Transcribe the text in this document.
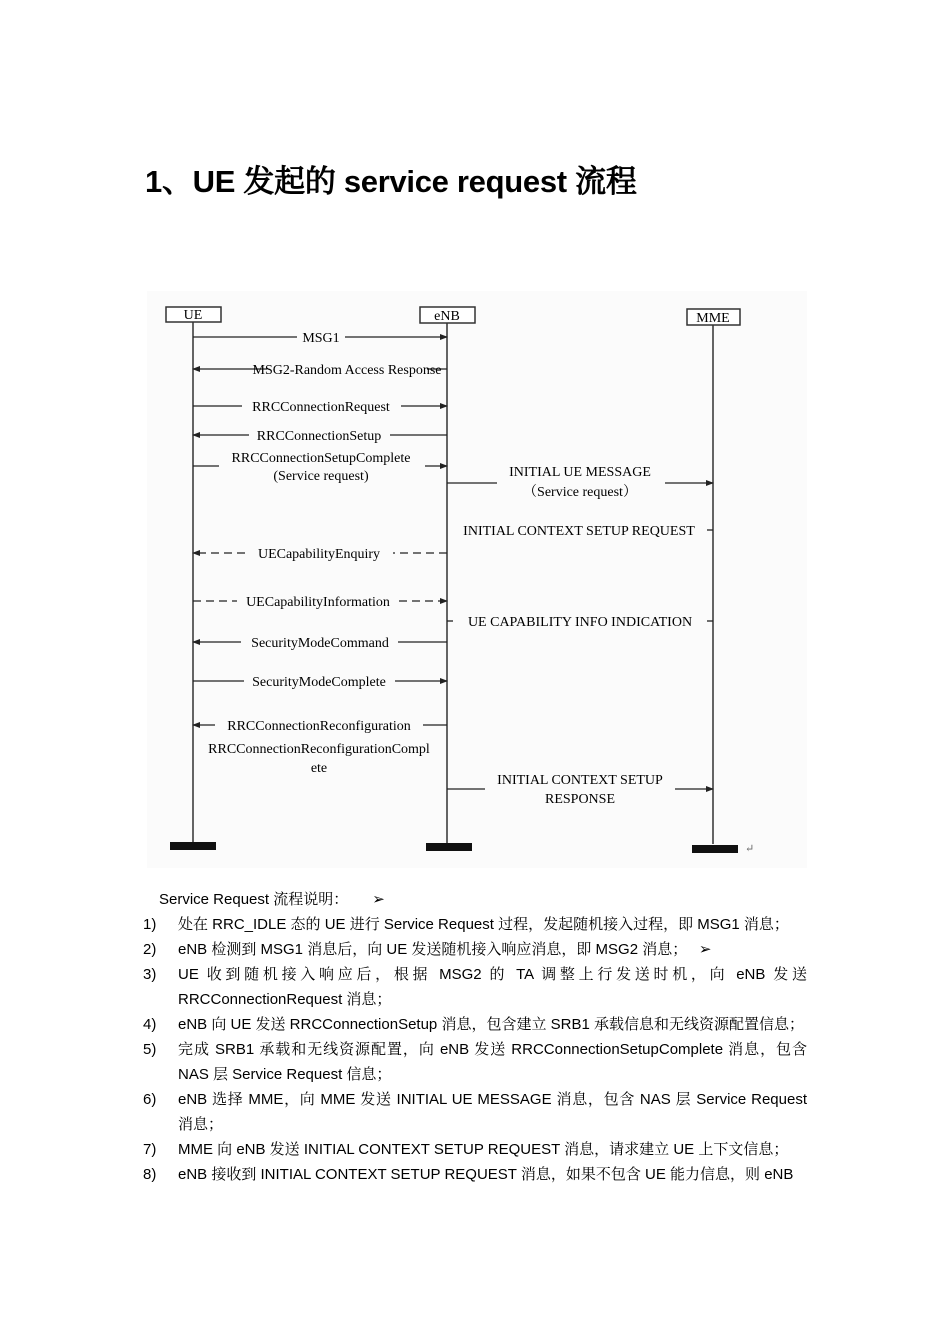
1、UE 发起的 service request 流程
UE	eNB	MME
↵
MSG1
MSG2-Random Access Response
RRCConnectionRequest
RRCConnectionSetup
RRCConnectionSetupComplete
(Service request)	INITIAL UE MESSAGE
（Service request）
INITIAL CONTEXT SETUP REQUEST
UECapabilityEnquiry
UECapabilityInformation
UE CAPABILITY INFO INDICATION
SecurityModeCommand
SecurityModeComplete
RRCConnectionReconfiguration
RRCConnectionReconfigurationCompl
ete
INITIAL CONTEXT SETUP
RESPONSE
Service Request 流程说明： ➢
1)	处在 RRC_IDLE 态的 UE 进行 Service Request 过程，发起随机接入过程，即 MSG1 消息；
2)	eNB 检测到 MSG1 消息后，向 UE 发送随机接入响应消息，即 MSG2 消息；　 ➢
3)	UE 收到随机接入响应后，根据 MSG2 的 TA 调整上行发送时机，向 eNB 发送 RRCConnectionRequest 消息；
4)	eNB 向 UE 发送 RRCConnectionSetup 消息，包含建立 SRB1 承载信息和无线资源配置信息；
5)	完成 SRB1 承载和无线资源配置，向 eNB 发送 RRCConnectionSetupComplete 消息，包含 NAS 层 Service Request 信息；
6)	eNB 选择 MME，向 MME 发送 INITIAL UE MESSAGE 消息，包含 NAS 层 Service Request 消息；
7)	MME 向 eNB 发送 INITIAL CONTEXT SETUP REQUEST 消息，请求建立 UE 上下文信息；
8)	eNB 接收到 INITIAL CONTEXT SETUP REQUEST 消息，如果不包含 UE 能力信息，则 eNB
